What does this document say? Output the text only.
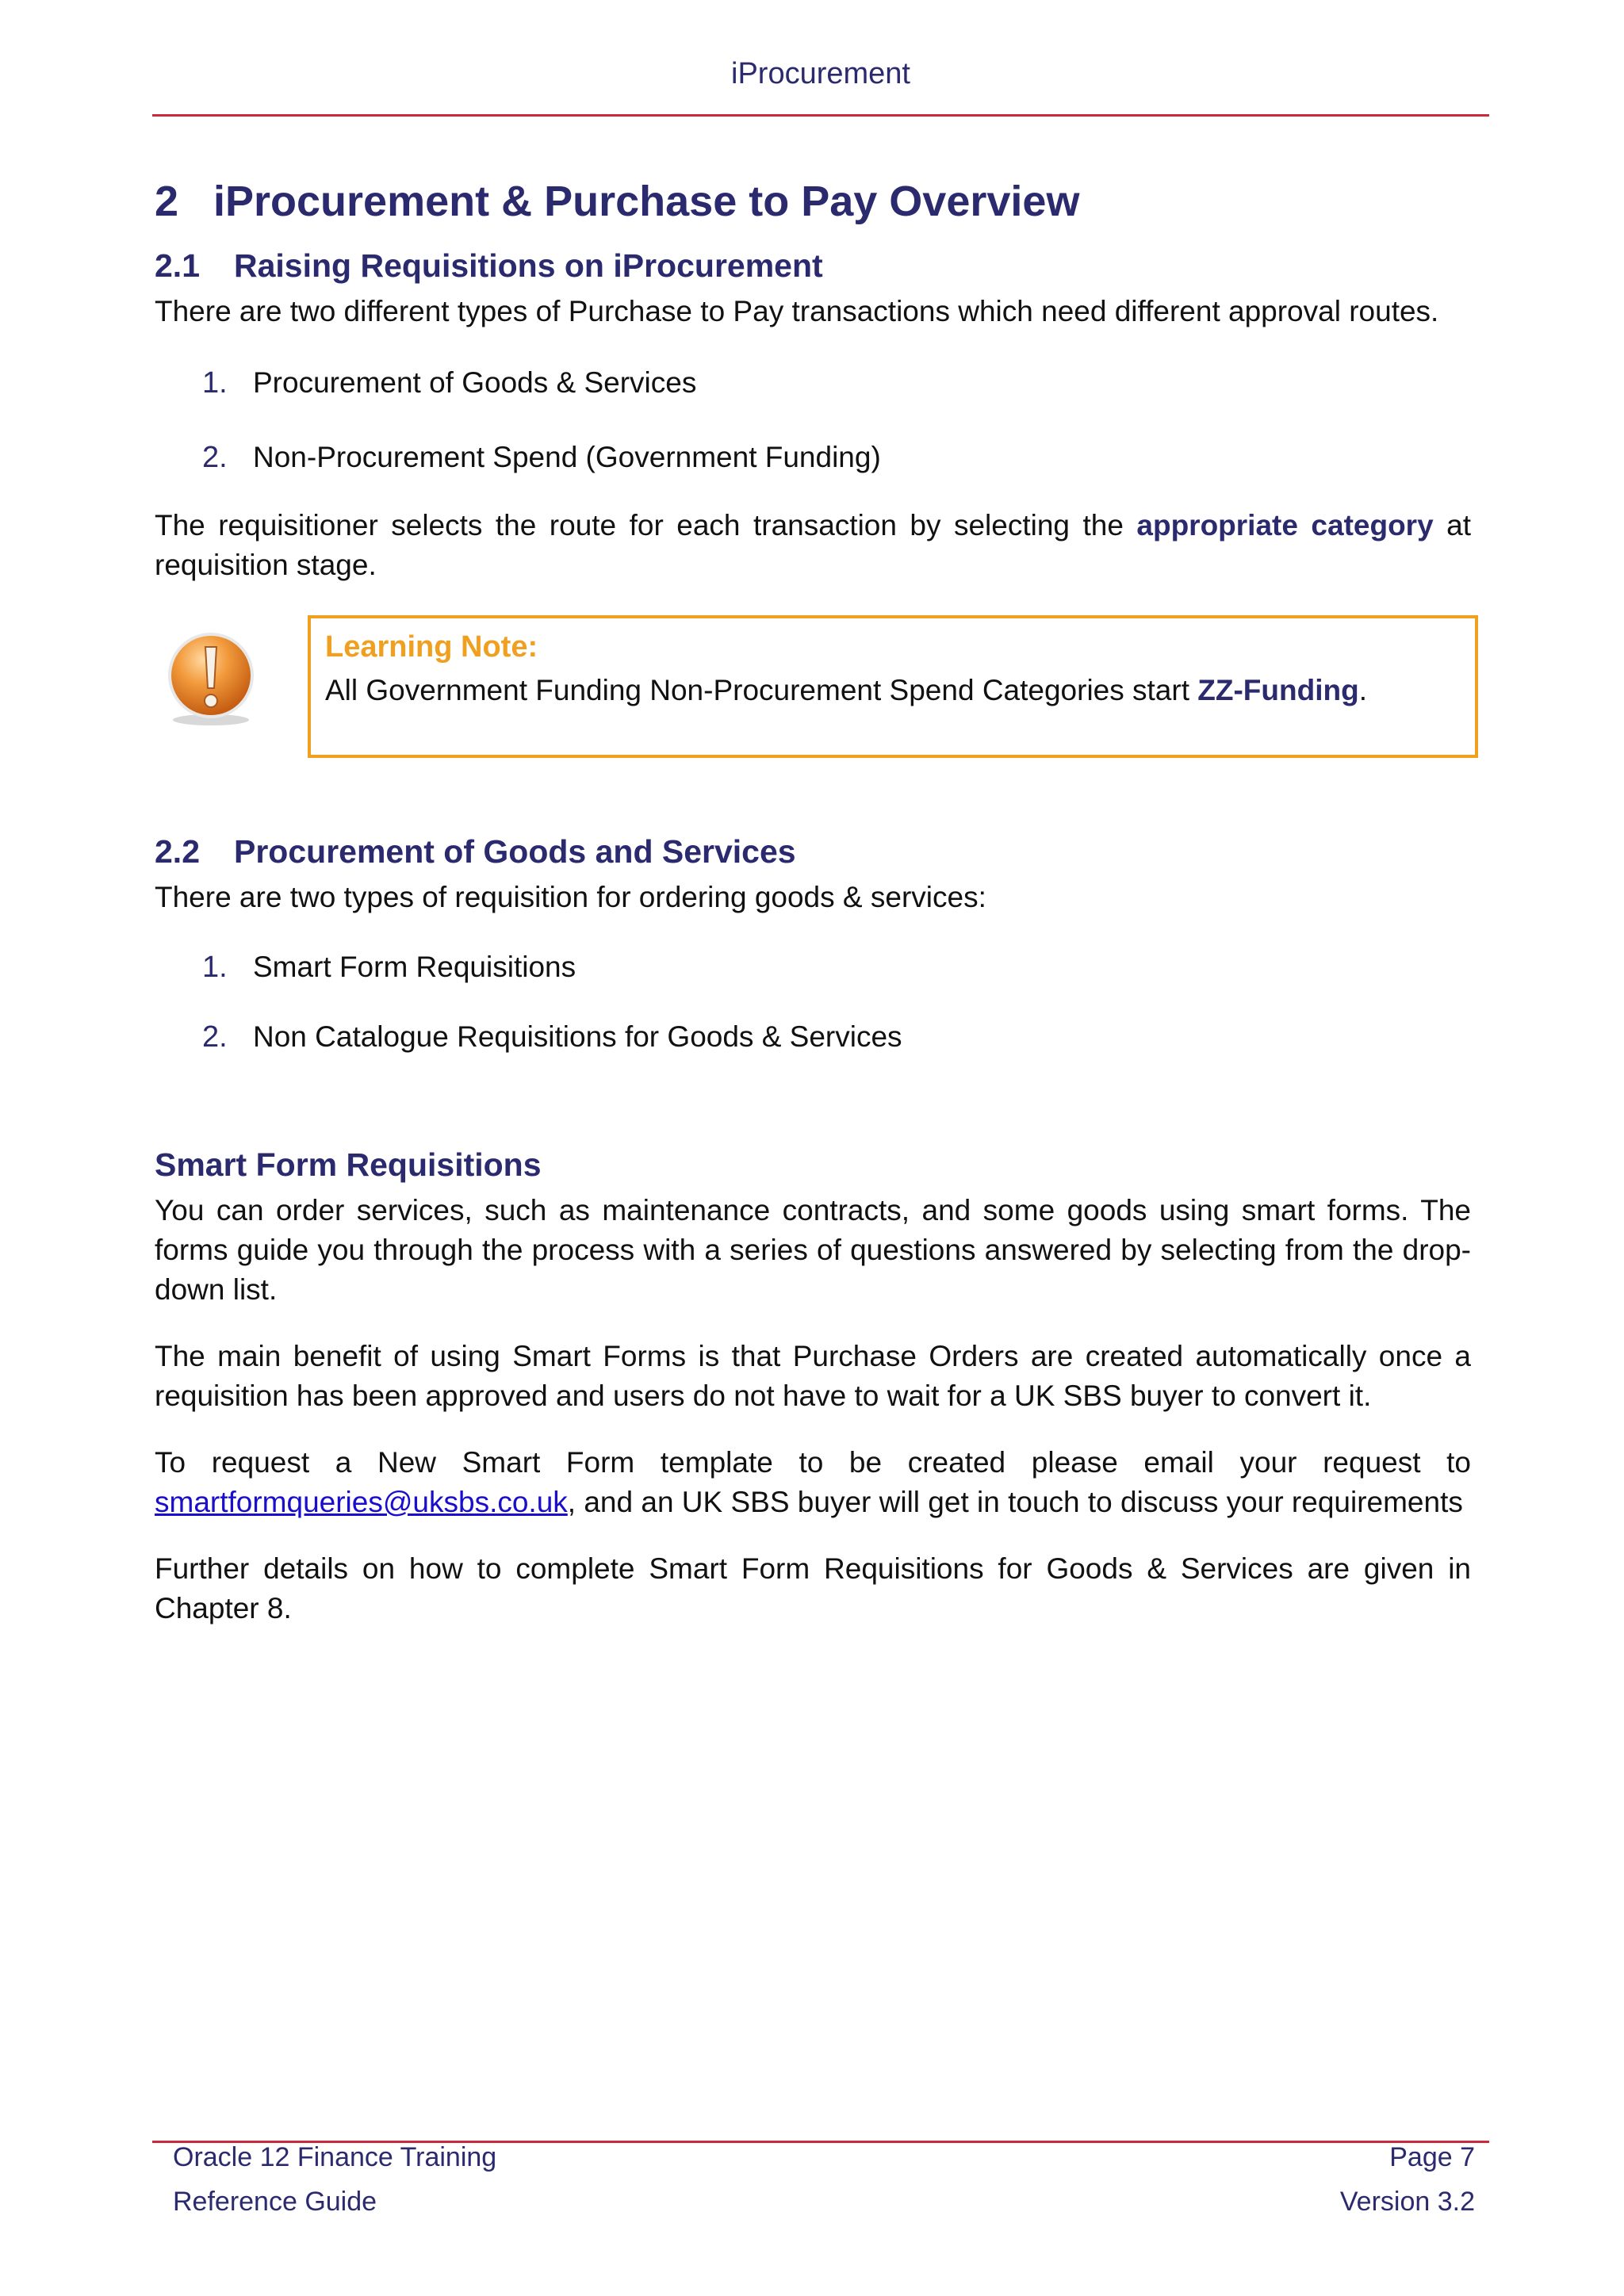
iProcurement
2 iProcurement & Purchase to Pay Overview
2.1 Raising Requisitions on iProcurement

There are two different types of Purchase to Pay transactions which need different approval routes.

1. Procurement of Goods & Services
2. Non-Procurement Spend (Government Funding)

The requisitioner selects the route for each transaction by selecting the appropriate category at requisition stage.

Learning Note:
All Government Funding Non-Procurement Spend Categories start ZZ-Funding.
2.2 Procurement of Goods and Services

There are two types of requisition for ordering goods & services:

1. Smart Form Requisitions
2. Non Catalogue Requisitions for Goods & Services
Smart Form Requisitions

You can order services, such as maintenance contracts, and some goods using smart forms. The forms guide you through the process with a series of questions answered by selecting from the drop-down list.

The main benefit of using Smart Forms is that Purchase Orders are created automatically once a requisition has been approved and users do not have to wait for a UK SBS buyer to convert it.

To request a New Smart Form template to be created please email your request to smartformqueries@uksbs.co.uk, and an UK SBS buyer will get in touch to discuss your requirements

Further details on how to complete Smart Form Requisitions for Goods & Services are given in Chapter 8.

Oracle 12 Finance Training	Page 7
Reference Guide	Version 3.2
